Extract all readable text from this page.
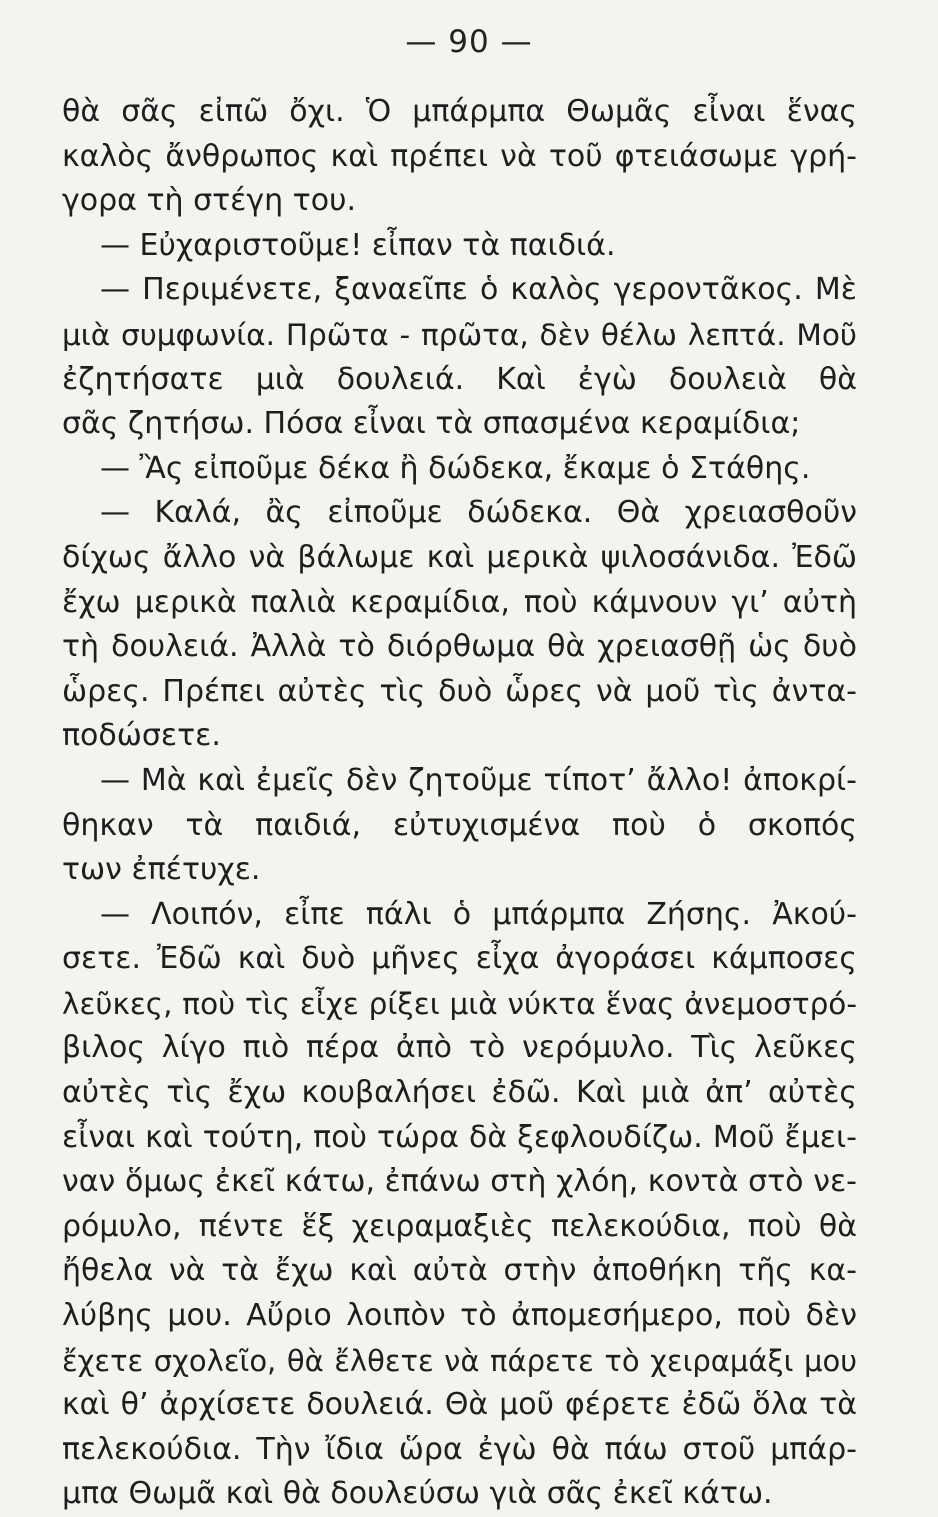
— 90 —
θὰ σᾶς εἰπῶ ὄχι. Ὁ μπάρμπα Θωμᾶς εἶναι ἕνας
καλὸς ἄνθρωπος καὶ πρέπει νὰ τοῦ φτειάσωμε γρή-
γορα τὴ στέγη του.
— Εὐχαριστοῦμε! εἶπαν τὰ παιδιά.
— Περιμένετε, ξαναεῖπε ὁ καλὸς γεροντᾶκος. Μὲ
μιὰ συμφωνία. Πρῶτα - πρῶτα, δὲν θέλω λεπτά. Μοῦ
ἐζητήσατε μιὰ δουλειά. Καὶ ἐγὼ δουλειὰ θὰ
σᾶς ζητήσω. Πόσα εἶναι τὰ σπασμένα κεραμίδια;
— Ἂς εἰποῦμε δέκα ἢ δώδεκα, ἔκαμε ὁ Στάθης.
— Καλά, ἂς εἰποῦμε δώδεκα. Θὰ χρειασθοῦν
δίχως ἄλλο νὰ βάλωμε καὶ μερικὰ ψιλοσάνιδα. Ἐδῶ
ἔχω μερικὰ παλιὰ κεραμίδια, ποὺ κάμνουν γι’ αὐτὴ
τὴ δουλειά. Ἀλλὰ τὸ διόρθωμα θὰ χρειασθῇ ὡς δυὸ
ὧρες. Πρέπει αὐτὲς τὶς δυὸ ὧρες νὰ μοῦ τὶς ἀντα-
ποδώσετε.
— Μὰ καὶ ἐμεῖς δὲν ζητοῦμε τίποτ’ ἄλλο! ἀποκρί-
θηκαν τὰ παιδιά, εὐτυχισμένα ποὺ ὁ σκοπός
των ἐπέτυχε.
— Λοιπόν, εἶπε πάλι ὁ μπάρμπα Ζήσης. Ἀκού-
σετε. Ἐδῶ καὶ δυὸ μῆνες εἶχα ἀγοράσει κάμποσες
λεῦκες, ποὺ τὶς εἶχε ρίξει μιὰ νύκτα ἕνας ἀνεμοστρό-
βιλος λίγο πιὸ πέρα ἀπὸ τὸ νερόμυλο. Τὶς λεῦκες
αὐτὲς τὶς ἔχω κουβαλήσει ἐδῶ. Καὶ μιὰ ἀπ’ αὐτὲς
εἶναι καὶ τούτη, ποὺ τώρα δὰ ξεφλουδίζω. Μοῦ ἔμει-
ναν ὅμως ἐκεῖ κάτω, ἐπάνω στὴ χλόη, κοντὰ στὸ νε-
ρόμυλο, πέντε ἕξ χειραμαξιὲς πελεκούδια, ποὺ θὰ
ἤθελα νὰ τὰ ἔχω καὶ αὐτὰ στὴν ἀποθήκη τῆς κα-
λύβης μου. Αὔριο λοιπὸν τὸ ἀπομεσήμερο, ποὺ δὲν
ἔχετε σχολεῖο, θὰ ἔλθετε νὰ πάρετε τὸ χειραμάξι μου
καὶ θ’ ἀρχίσετε δουλειά. Θὰ μοῦ φέρετε ἐδῶ ὅλα τὰ
πελεκούδια. Τὴν ἴδια ὥρα ἐγὼ θὰ πάω στοῦ μπάρ-
μπα Θωμᾶ καὶ θὰ δουλεύσω γιὰ σᾶς ἐκεῖ κάτω.
